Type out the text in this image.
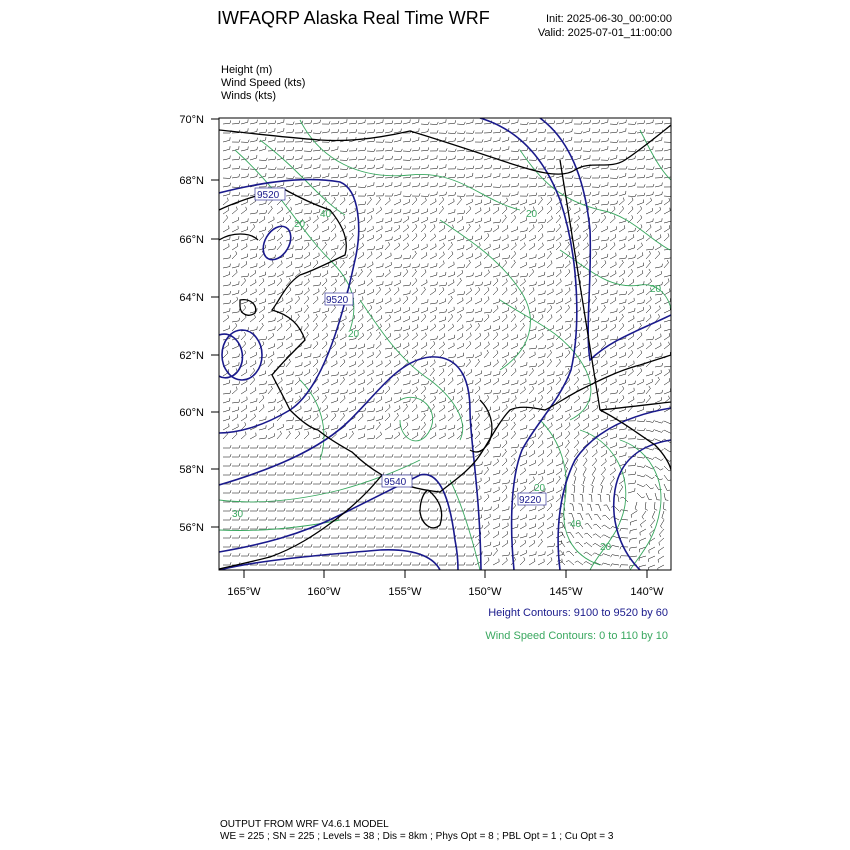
IWFAQRP Alaska Real Time WRF	Init: 2025-06-30_00:00:00
Valid: 2025-07-01_11:00:00
Height (m)
Wind Speed (kts)
Winds (kts)
70°N
68°N
66°N
64°N
62°N
60°N
58°N
56°N
165°W	160°W	155°W	150°W	145°W	140°W
9520
9520
9540
9220
40
20
20
20
20
20
40
20
30
Height Contours: 9100 to 9520 by 60
Wind Speed Contours: 0 to 110 by 10
OUTPUT FROM WRF V4.6.1 MODEL
WE = 225 ; SN = 225 ; Levels = 38 ; Dis = 8km ; Phys Opt = 8 ; PBL Opt = 1 ; Cu Opt = 3
